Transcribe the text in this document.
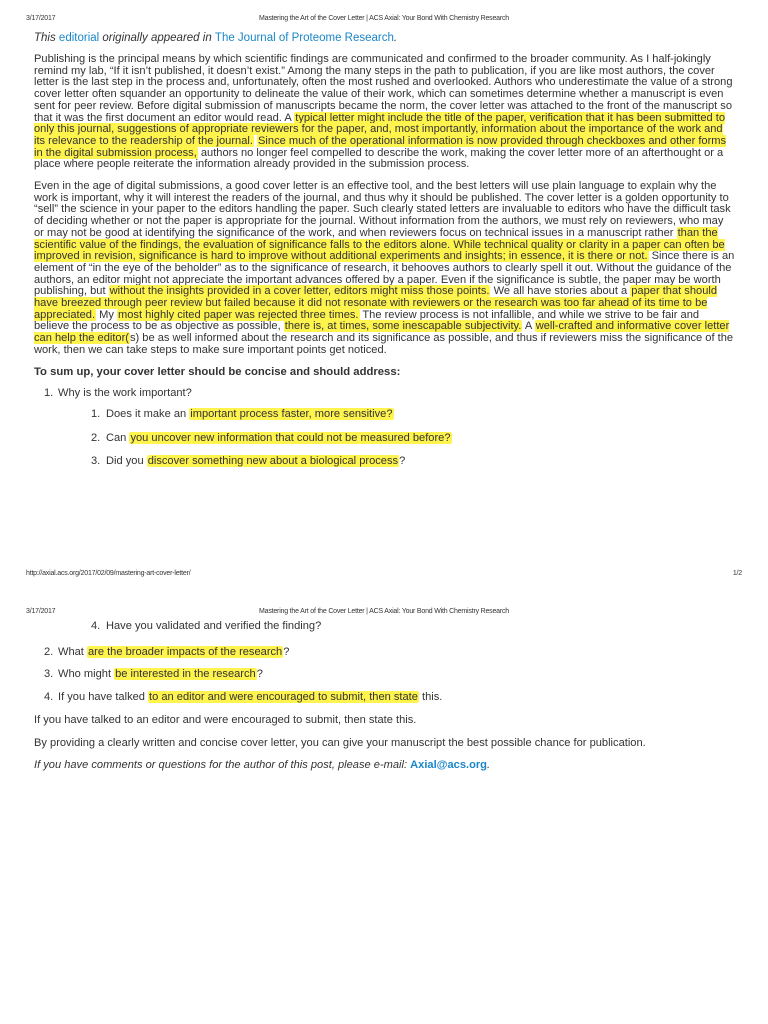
3/17/2017	Mastering the Art of the Cover Letter | ACS Axial: Your Bond With Chemistry Research

This editorial originally appeared in The Journal of Proteome Research.

Publishing is the principal means by which scientific findings are communicated and confirmed to the broader community. As I half-jokingly remind my lab, “If it isn’t published, it doesn’t exist.” Among the many steps in the path to publication, if you are like most authors, the cover letter is the last step in the process and, unfortunately, often the most rushed and overlooked. Authors who underestimate the value of a strong cover letter often squander an opportunity to delineate the value of their work, which can sometimes determine whether a manuscript is even sent for peer review. Before digital submission of manuscripts became the norm, the cover letter was attached to the front of the manuscript so that it was the first document an editor would read. A typical letter might include the title of the paper, verification that it has been submitted to only this journal, suggestions of appropriate reviewers for the paper, and, most importantly, information about the importance of the work and its relevance to the readership of the journal. Since much of the operational information is now provided through checkboxes and other forms in the digital submission process, authors no longer feel compelled to describe the work, making the cover letter more of an afterthought or a place where people reiterate the information already provided in the submission process.

Even in the age of digital submissions, a good cover letter is an effective tool, and the best letters will use plain language to explain why the work is important, why it will interest the readers of the journal, and thus why it should be published. The cover letter is a golden opportunity to “sell” the science in your paper to the editors handling the paper. Such clearly stated letters are invaluable to editors who have the difficult task of deciding whether or not the paper is appropriate for the journal. Without information from the authors, we must rely on reviewers, who may or may not be good at identifying the significance of the work, and when reviewers focus on technical issues in a manuscript rather than the scientific value of the findings, the evaluation of significance falls to the editors alone. While technical quality or clarity in a paper can often be improved in revision, significance is hard to improve without additional experiments and insights; in essence, it is there or not. Since there is an element of “in the eye of the beholder” as to the significance of research, it behooves authors to clearly spell it out. Without the guidance of the authors, an editor might not appreciate the important advances offered by a paper. Even if the significance is subtle, the paper may be worth publishing, but without the insights provided in a cover letter, editors might miss those points. We all have stories about a paper that should have breezed through peer review but failed because it did not resonate with reviewers or the research was too far ahead of its time to be appreciated. My most highly cited paper was rejected three times. The review process is not infallible, and while we strive to be fair and believe the process to be as objective as possible, there is, at times, some inescapable subjectivity. A well-crafted and informative cover letter can help the editor(s) be as well informed about the research and its significance as possible, and thus if reviewers miss the significance of the work, then we can take steps to make sure important points get noticed.

To sum up, your cover letter should be concise and should address:

1. Why is the work important?
1. Does it make an important process faster, more sensitive?
2. Can you uncover new information that could not be measured before?
3. Did you discover something new about a biological process?
http://axial.acs.org/2017/02/09/mastering-art-cover-letter/	1/2
3/17/2017	Mastering the Art of the Cover Letter | ACS Axial: Your Bond With Chemistry Research
4. Have you validated and verified the finding?
2. What are the broader impacts of the research?
3. Who might be interested in the research?
4. If you have talked to an editor and were encouraged to submit, then state this.

If you have talked to an editor and were encouraged to submit, then state this.

By providing a clearly written and concise cover letter, you can give your manuscript the best possible chance for publication.

If you have comments or questions for the author of this post, please e-mail: Axial@acs.org.
